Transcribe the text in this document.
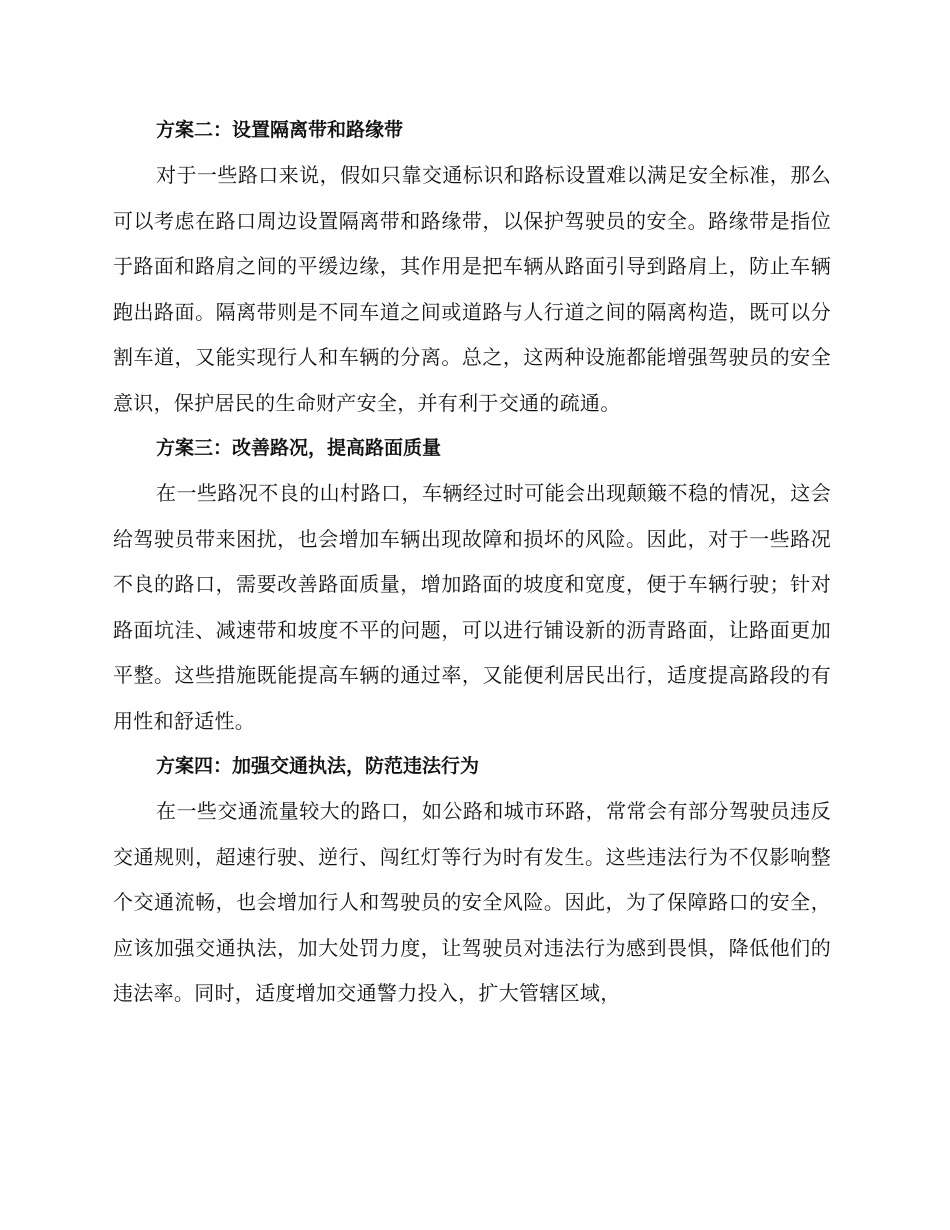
方案二：设置隔离带和路缘带

对于一些路口来说，假如只靠交通标识和路标设置难以满足安全标准，那么可以考虑在路口周边设置隔离带和路缘带，以保护驾驶员的安全。路缘带是指位于路面和路肩之间的平缓边缘，其作用是把车辆从路面引导到路肩上，防止车辆跑出路面。隔离带则是不同车道之间或道路与人行道之间的隔离构造，既可以分割车道，又能实现行人和车辆的分离。总之，这两种设施都能增强驾驶员的安全意识，保护居民的生命财产安全，并有利于交通的疏通。

方案三：改善路况，提高路面质量

在一些路况不良的山村路口，车辆经过时可能会出现颠簸不稳的情况，这会给驾驶员带来困扰，也会增加车辆出现故障和损坏的风险。因此，对于一些路况不良的路口，需要改善路面质量，增加路面的坡度和宽度，便于车辆行驶；针对路面坑洼、减速带和坡度不平的问题，可以进行铺设新的沥青路面，让路面更加平整。这些措施既能提高车辆的通过率，又能便利居民出行，适度提高路段的有用性和舒适性。

方案四：加强交通执法，防范违法行为

在一些交通流量较大的路口，如公路和城市环路，常常会有部分驾驶员违反交通规则，超速行驶、逆行、闯红灯等行为时有发生。这些违法行为不仅影响整个交通流畅，也会增加行人和驾驶员的安全风险。因此，为了保障路口的安全，应该加强交通执法，加大处罚力度，让驾驶员对违法行为感到畏惧，降低他们的违法率。同时，适度增加交通警力投入，扩大管辖区域，
